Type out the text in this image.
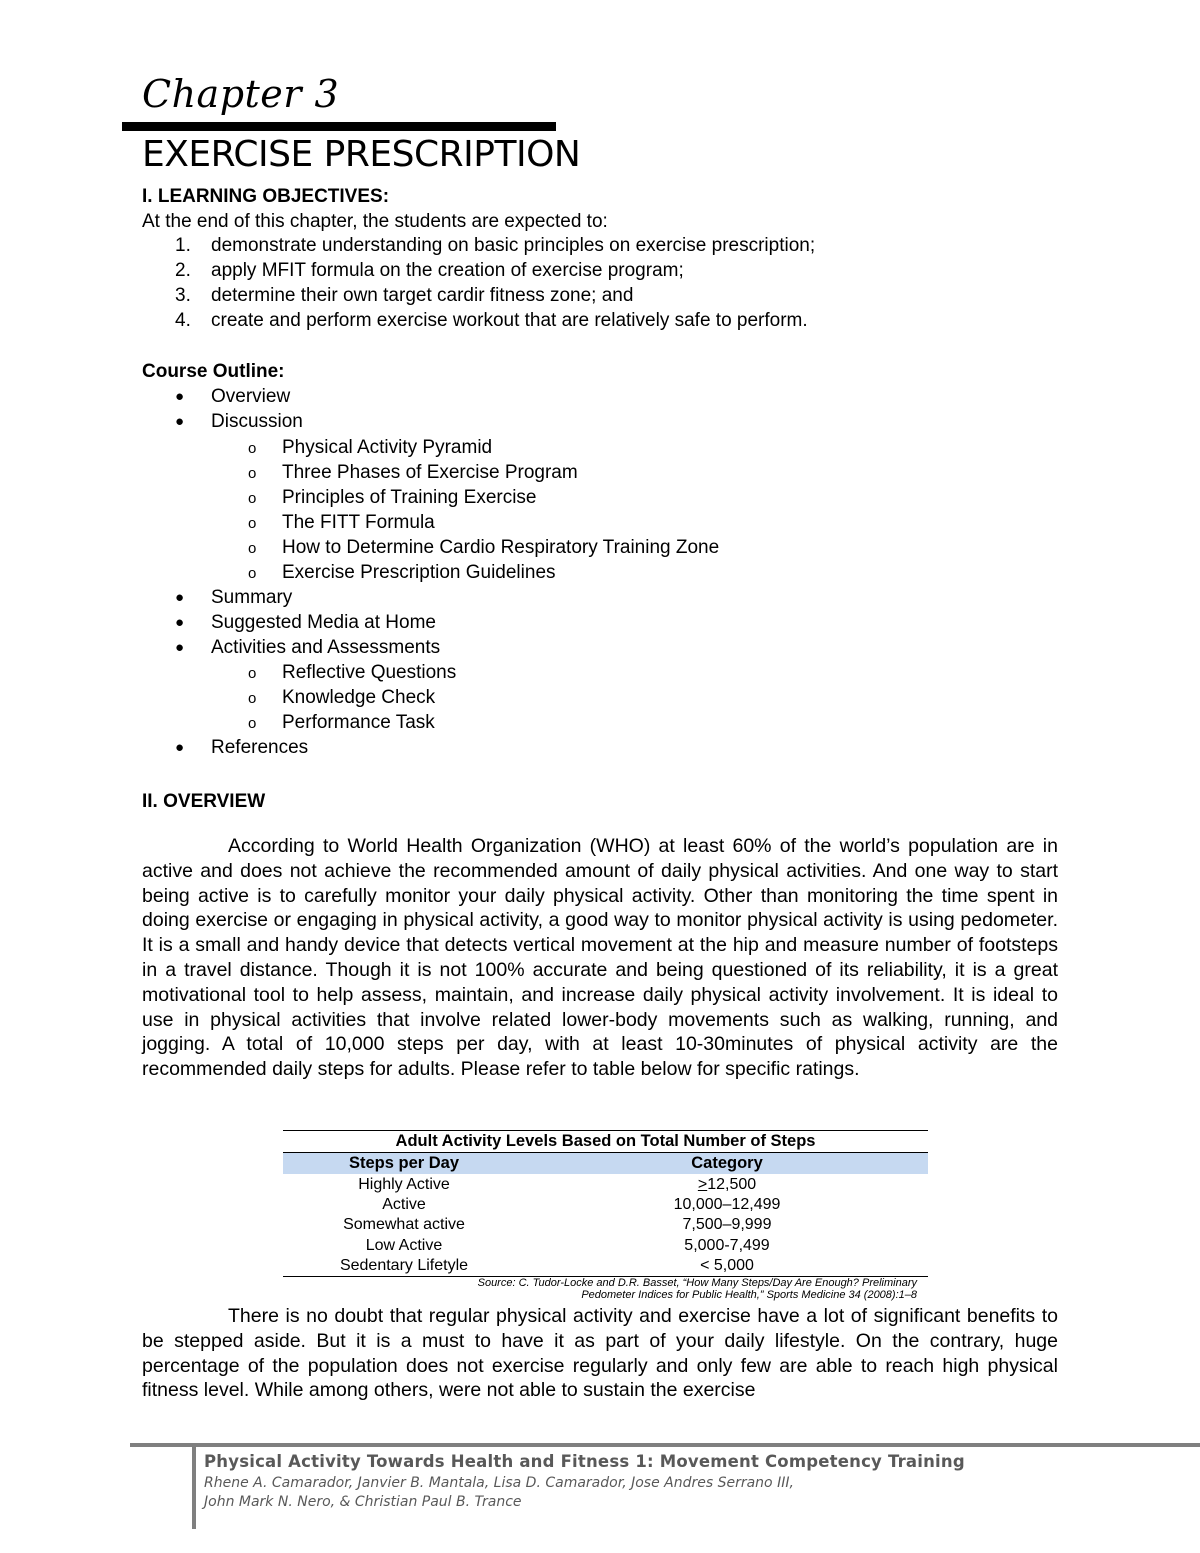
Chapter 3
EXERCISE PRESCRIPTION
I. LEARNING OBJECTIVES:
At the end of this chapter, the students are expected to:
1. demonstrate understanding on basic principles on exercise prescription;
2. apply MFIT formula on the creation of exercise program;
3. determine their own target cardir fitness zone; and
4. create and perform exercise workout that are relatively safe to perform.
Course Outline:
● Overview
● Discussion
o Physical Activity Pyramid
o Three Phases of Exercise Program
o Principles of Training Exercise
o The FITT Formula
o How to Determine Cardio Respiratory Training Zone
o Exercise Prescription Guidelines
● Summary
● Suggested Media at Home
● Activities and Assessments
o Reflective Questions
o Knowledge Check
o Performance Task
● References
II. OVERVIEW
According to World Health Organization (WHO) at least 60% of the world’s population are in active and does not achieve the recommended amount of daily physical activities. And one way to start being active is to carefully monitor your daily physical activity. Other than monitoring the time spent in doing exercise or engaging in physical activity, a good way to monitor physical activity is using pedometer. It is a small and handy device that detects vertical movement at the hip and measure number of footsteps in a travel distance. Though it is not 100% accurate and being questioned of its reliability, it is a great motivational tool to help assess, maintain, and increase daily physical activity involvement. It is ideal to use in physical activities that involve related lower-body movements such as walking, running, and jogging. A total of 10,000 steps per day, with at least 10-30minutes of physical activity are the recommended daily steps for adults. Please refer to table below for specific ratings.
Adult Activity Levels Based on Total Number of Steps
Steps per Day	Category
Highly Active	>12,500
Active	10,000–12,499
Somewhat active	7,500–9,999
Low Active	5,000-7,499
Sedentary Lifetyle	< 5,000
Source: C. Tudor-Locke and D.R. Basset, “How Many Steps/Day Are Enough? Preliminary
Pedometer Indices for Public Health,” Sports Medicine 34 (2008):1–8
There is no doubt that regular physical activity and exercise have a lot of significant benefits to be stepped aside. But it is a must to have it as part of your daily lifestyle. On the contrary, huge percentage of the population does not exercise regularly and only few are able to reach high physical fitness level. While among others, were not able to sustain the exercise
Physical Activity Towards Health and Fitness 1: Movement Competency Training
Rhene A. Camarador, Janvier B. Mantala, Lisa D. Camarador, Jose Andres Serrano III,
John Mark N. Nero, & Christian Paul B. Trance
